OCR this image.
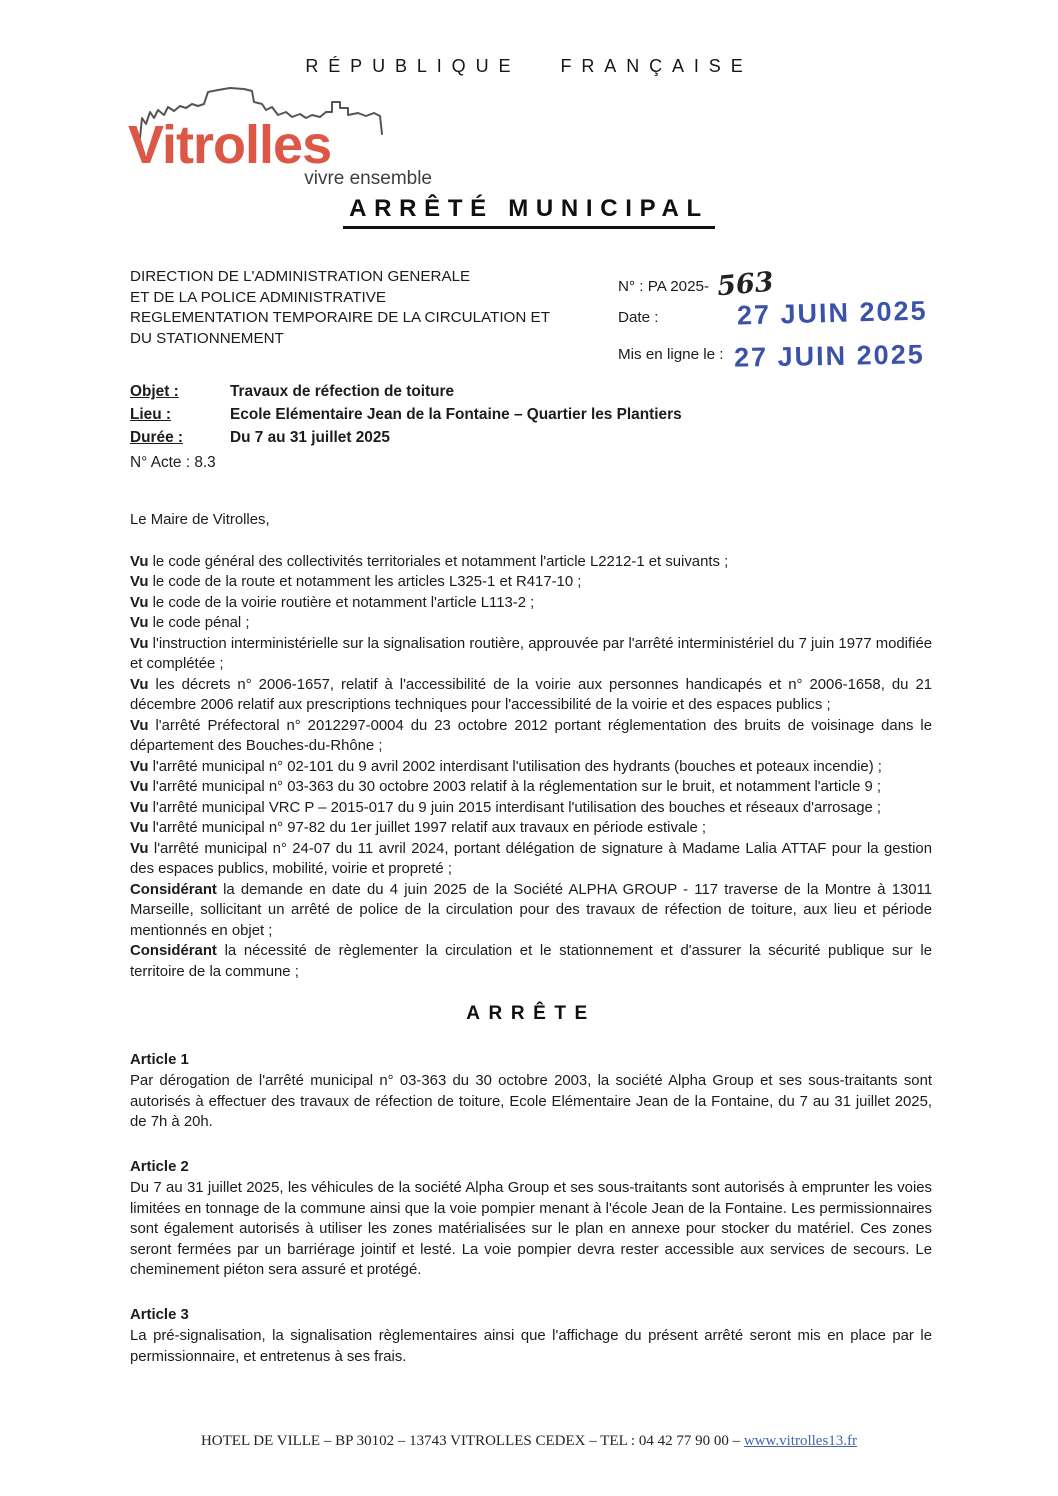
RÉPUBLIQUE FRANÇAISE
Vitrolles
vivre ensemble
ARRÊTÉ MUNICIPAL
DIRECTION DE L'ADMINISTRATION GENERALE
ET DE LA POLICE ADMINISTRATIVE
REGLEMENTATION TEMPORAIRE DE LA CIRCULATION ET
DU STATIONNEMENT
N° : PA 2025- 563
Date :	27 JUIN 2025
Mis en ligne le : 27 JUIN 2025
Objet :	Travaux de réfection de toiture
Lieu :	Ecole Elémentaire Jean de la Fontaine – Quartier les Plantiers
Durée :	Du 7 au 31 juillet 2025
N° Acte : 8.3
Le Maire de Vitrolles,

Vu le code général des collectivités territoriales et notamment l'article L2212-1 et suivants ;

Vu le code de la route et notamment les articles L325-1 et R417-10 ;

Vu le code de la voirie routière et notamment l'article L113-2 ;

Vu le code pénal ;

Vu l'instruction interministérielle sur la signalisation routière, approuvée par l'arrêté interministériel du 7 juin 1977 modifiée et complétée ;

Vu les décrets n° 2006-1657, relatif à l'accessibilité de la voirie aux personnes handicapés et n° 2006-1658, du 21 décembre 2006 relatif aux prescriptions techniques pour l'accessibilité de la voirie et des espaces publics ;

Vu l'arrêté Préfectoral n° 2012297-0004 du 23 octobre 2012 portant réglementation des bruits de voisinage dans le département des Bouches-du-Rhône ;

Vu l'arrêté municipal n° 02-101 du 9 avril 2002 interdisant l'utilisation des hydrants (bouches et poteaux incendie) ;

Vu l'arrêté municipal n° 03-363 du 30 octobre 2003 relatif à la réglementation sur le bruit, et notamment l'article 9 ;

Vu l'arrêté municipal VRC P – 2015-017 du 9 juin 2015 interdisant l'utilisation des bouches et réseaux d'arrosage ;

Vu l'arrêté municipal n° 97-82 du 1er juillet 1997 relatif aux travaux en période estivale ;

Vu l'arrêté municipal n° 24-07 du 11 avril 2024, portant délégation de signature à Madame Lalia ATTAF pour la gestion des espaces publics, mobilité, voirie et propreté ;

Considérant la demande en date du 4 juin 2025 de la Société ALPHA GROUP - 117 traverse de la Montre à 13011 Marseille, sollicitant un arrêté de police de la circulation pour des travaux de réfection de toiture, aux lieu et période mentionnés en objet ;

Considérant la nécessité de règlementer la circulation et le stationnement et d'assurer la sécurité publique sur le territoire de la commune ;

ARRÊTE

Article 1

Par dérogation de l'arrêté municipal n° 03-363 du 30 octobre 2003, la société Alpha Group et ses sous-traitants sont autorisés à effectuer des travaux de réfection de toiture, Ecole Elémentaire Jean de la Fontaine, du 7 au 31 juillet 2025, de 7h à 20h.

Article 2

Du 7 au 31 juillet 2025, les véhicules de la société Alpha Group et ses sous-traitants sont autorisés à emprunter les voies limitées en tonnage de la commune ainsi que la voie pompier menant à l'école Jean de la Fontaine. Les permissionnaires sont également autorisés à utiliser les zones matérialisées sur le plan en annexe pour stocker du matériel. Ces zones seront fermées par un barriérage jointif et lesté. La voie pompier devra rester accessible aux services de secours. Le cheminement piéton sera assuré et protégé.

Article 3

La pré-signalisation, la signalisation règlementaires ainsi que l'affichage du présent arrêté seront mis en place par le permissionnaire, et entretenus à ses frais.

HOTEL DE VILLE – BP 30102 – 13743 VITROLLES CEDEX – TEL : 04 42 77 90 00 – www.vitrolles13.fr
